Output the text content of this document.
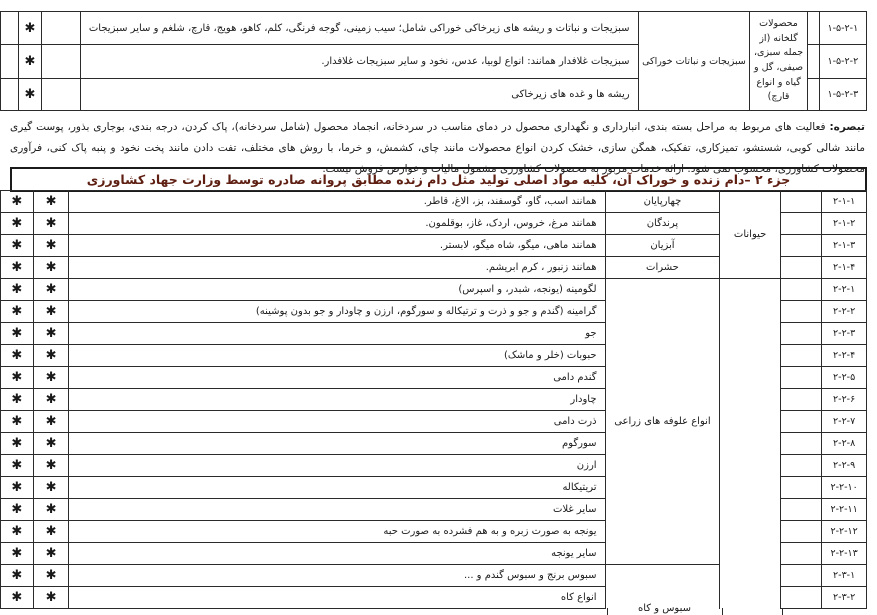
۱-۵-۲-۱		محصولات گلخانه (از جمله سبزی، صیفی، گل و گیاه و انواع قارچ)	سبزیجات و نباتات خوراکی	سبزیجات و نباتات و ریشه های زیرخاکی خوراکی شامل؛ سیب زمینی، گوجه فرنگی، کلم، کاهو، هویج، قارچ، شلغم و سایر سبزیجات		✱	
۱-۵-۲-۲				سبزیجات غلافدار همانند: انواع لوبیا، عدس، نخود و سایر سبزیجات غلافدار.		✱	
۱-۵-۲-۳				ریشه ها و غده های زیرخاکی		✱	
تبصره: فعالیت های مربوط به مراحل بسته بندی، انبارداری و نگهداری محصول در دمای مناسب در سردخانه، انجماد محصول (شامل سردخانه)، پاک کردن، درجه بندی، بوجاری بذور، پوست گیری مانند شالی کوبی، شستشو، تمیزکاری، تفکیک، همگن سازی، خشک کردن انواع محصولات مانند چای، کشمش، و خرما، با روش های مختلف، تفت دادن مانند پخت نخود و پنبه پاک کنی، فرآوری محصولات کشاورزی، محسوب نمی شود. ارائه خدمات مزبور به محصولات کشاورزی مشمول مالیات و عوارض فروش نیست.
جزء ۲ –دام زنده و خوراک آن، کلیه مواد اصلی تولید مثل دام زنده مطابق پروانه صادره توسط وزارت جهاد کشاورزی
۲-۱-۱		حیوانات	چهارپایان	همانند اسب، گاو، گوسفند، بز، الاغ، قاطر.	✱	✱
۲-۱-۲			پرندگان	همانند مرغ، خروس، اردک، غاز، بوقلمون.	✱	✱
۲-۱-۳			آبزیان	همانند ماهی، میگو، شاه میگو، لابستر.	✱	✱
۲-۱-۴			حشرات	همانند زنبور ، کرم ابریشم.	✱	✱
۲-۲-۱			انواع علوفه های زراعی	لگومینه (یونجه، شبدر، و اسپرس)	✱	✱
۲-۲-۲				گرامینه (گندم و جو و ذرت و ترتیکاله و سورگوم، ارزن و چاودار و جو بدون پوشینه)	✱	✱
۲-۲-۳				جو	✱	✱
۲-۲-۴				حبوبات (خلر و ماشک)	✱	✱
۲-۲-۵				گندم دامی	✱	✱
۲-۲-۶				چاودار	✱	✱
۲-۲-۷				ذرت دامی	✱	✱
۲-۲-۸				سورگوم	✱	✱
۲-۲-۹				ارزن	✱	✱
۲-۲-۱۰				تریتیکاله	✱	✱
۲-۲-۱۱				سایر غلات	✱	✱
۲-۲-۱۲				یونجه به صورت زبره و به هم فشرده به صورت حبه	✱	✱
۲-۲-۱۳				سایر یونجه	✱	✱
۲-۳-۱				سبوس برنج و سبوس گندم و ...	✱	✱
۲-۳-۲				انواع کاه	✱	✱
سبوس و کاه
